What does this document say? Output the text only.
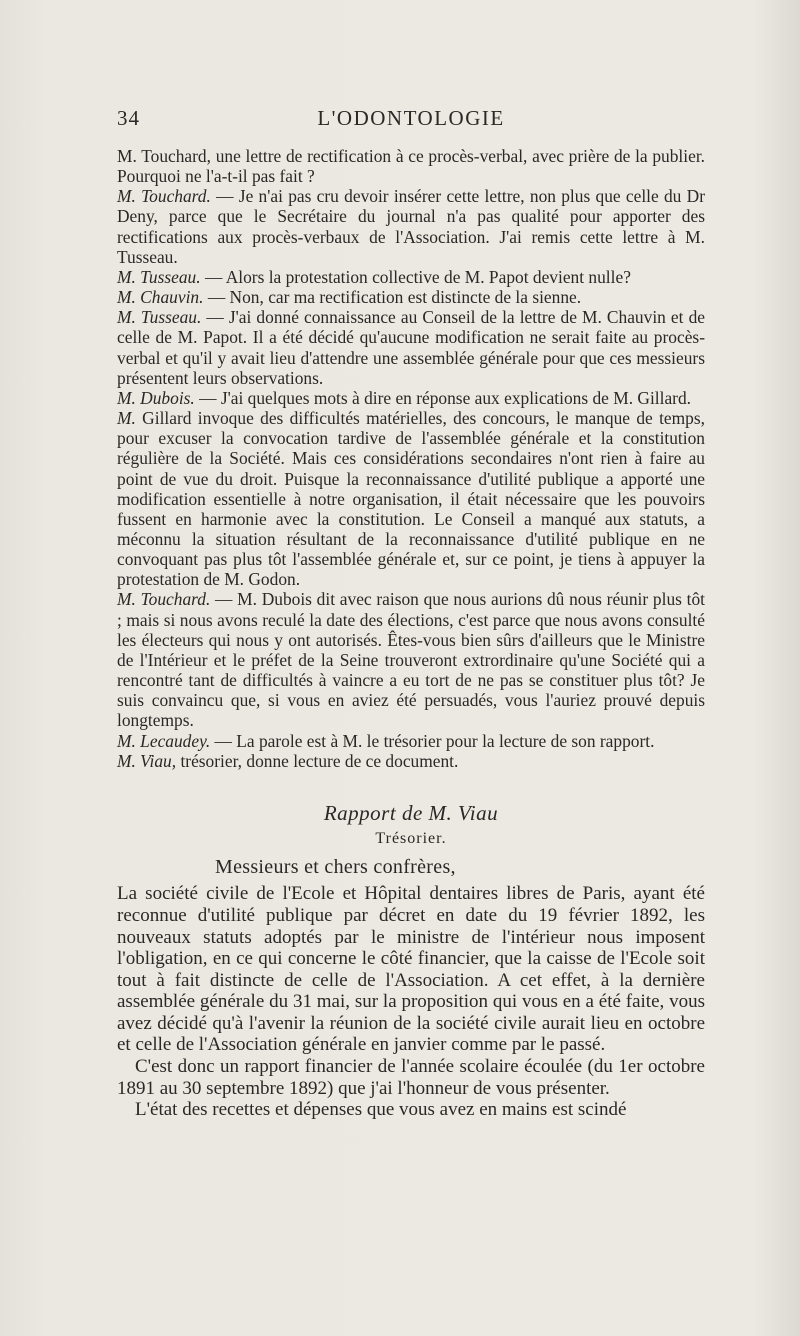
34	L'ODONTOLOGIE

M. Touchard, une lettre de rectification à ce procès-verbal, avec prière de la publier. Pourquoi ne l'a-t-il pas fait ?

M. Touchard. — Je n'ai pas cru devoir insérer cette lettre, non plus que celle du Dr Deny, parce que le Secrétaire du journal n'a pas qualité pour apporter des rectifications aux procès-verbaux de l'Association. J'ai remis cette lettre à M. Tusseau.

M. Tusseau. — Alors la protestation collective de M. Papot devient nulle?

M. Chauvin. — Non, car ma rectification est distincte de la sienne.

M. Tusseau. — J'ai donné connaissance au Conseil de la lettre de M. Chauvin et de celle de M. Papot. Il a été décidé qu'aucune modification ne serait faite au procès-verbal et qu'il y avait lieu d'attendre une assemblée générale pour que ces messieurs présentent leurs observations.

M. Dubois. — J'ai quelques mots à dire en réponse aux explications de M. Gillard.

M. Gillard invoque des difficultés matérielles, des concours, le manque de temps, pour excuser la convocation tardive de l'assemblée générale et la constitution régulière de la Société. Mais ces considérations secondaires n'ont rien à faire au point de vue du droit. Puisque la reconnaissance d'utilité publique a apporté une modification essentielle à notre organisation, il était nécessaire que les pouvoirs fussent en harmonie avec la constitution. Le Conseil a manqué aux statuts, a méconnu la situation résultant de la reconnaissance d'utilité publique en ne convoquant pas plus tôt l'assemblée générale et, sur ce point, je tiens à appuyer la protestation de M. Godon.

M. Touchard. — M. Dubois dit avec raison que nous aurions dû nous réunir plus tôt ; mais si nous avons reculé la date des élections, c'est parce que nous avons consulté les électeurs qui nous y ont autorisés. Êtes-vous bien sûrs d'ailleurs que le Ministre de l'Intérieur et le préfet de la Seine trouveront extrordinaire qu'une Société qui a rencontré tant de difficultés à vaincre a eu tort de ne pas se constituer plus tôt? Je suis convaincu que, si vous en aviez été persuadés, vous l'auriez prouvé depuis longtemps.

M. Lecaudey. — La parole est à M. le trésorier pour la lecture de son rapport.

M. Viau, trésorier, donne lecture de ce document.

Rapport de M. Viau
Trésorier.
Messieurs et chers confrères,

La société civile de l'Ecole et Hôpital dentaires libres de Paris, ayant été reconnue d'utilité publique par décret en date du 19 février 1892, les nouveaux statuts adoptés par le ministre de l'intérieur nous imposent l'obligation, en ce qui concerne le côté financier, que la caisse de l'Ecole soit tout à fait distincte de celle de l'Association. A cet effet, à la dernière assemblée générale du 31 mai, sur la proposition qui vous en a été faite, vous avez décidé qu'à l'avenir la réunion de la société civile aurait lieu en octobre et celle de l'Association générale en janvier comme par le passé.

C'est donc un rapport financier de l'année scolaire écoulée (du 1er octobre 1891 au 30 septembre 1892) que j'ai l'honneur de vous présenter.

L'état des recettes et dépenses que vous avez en mains est scindé
